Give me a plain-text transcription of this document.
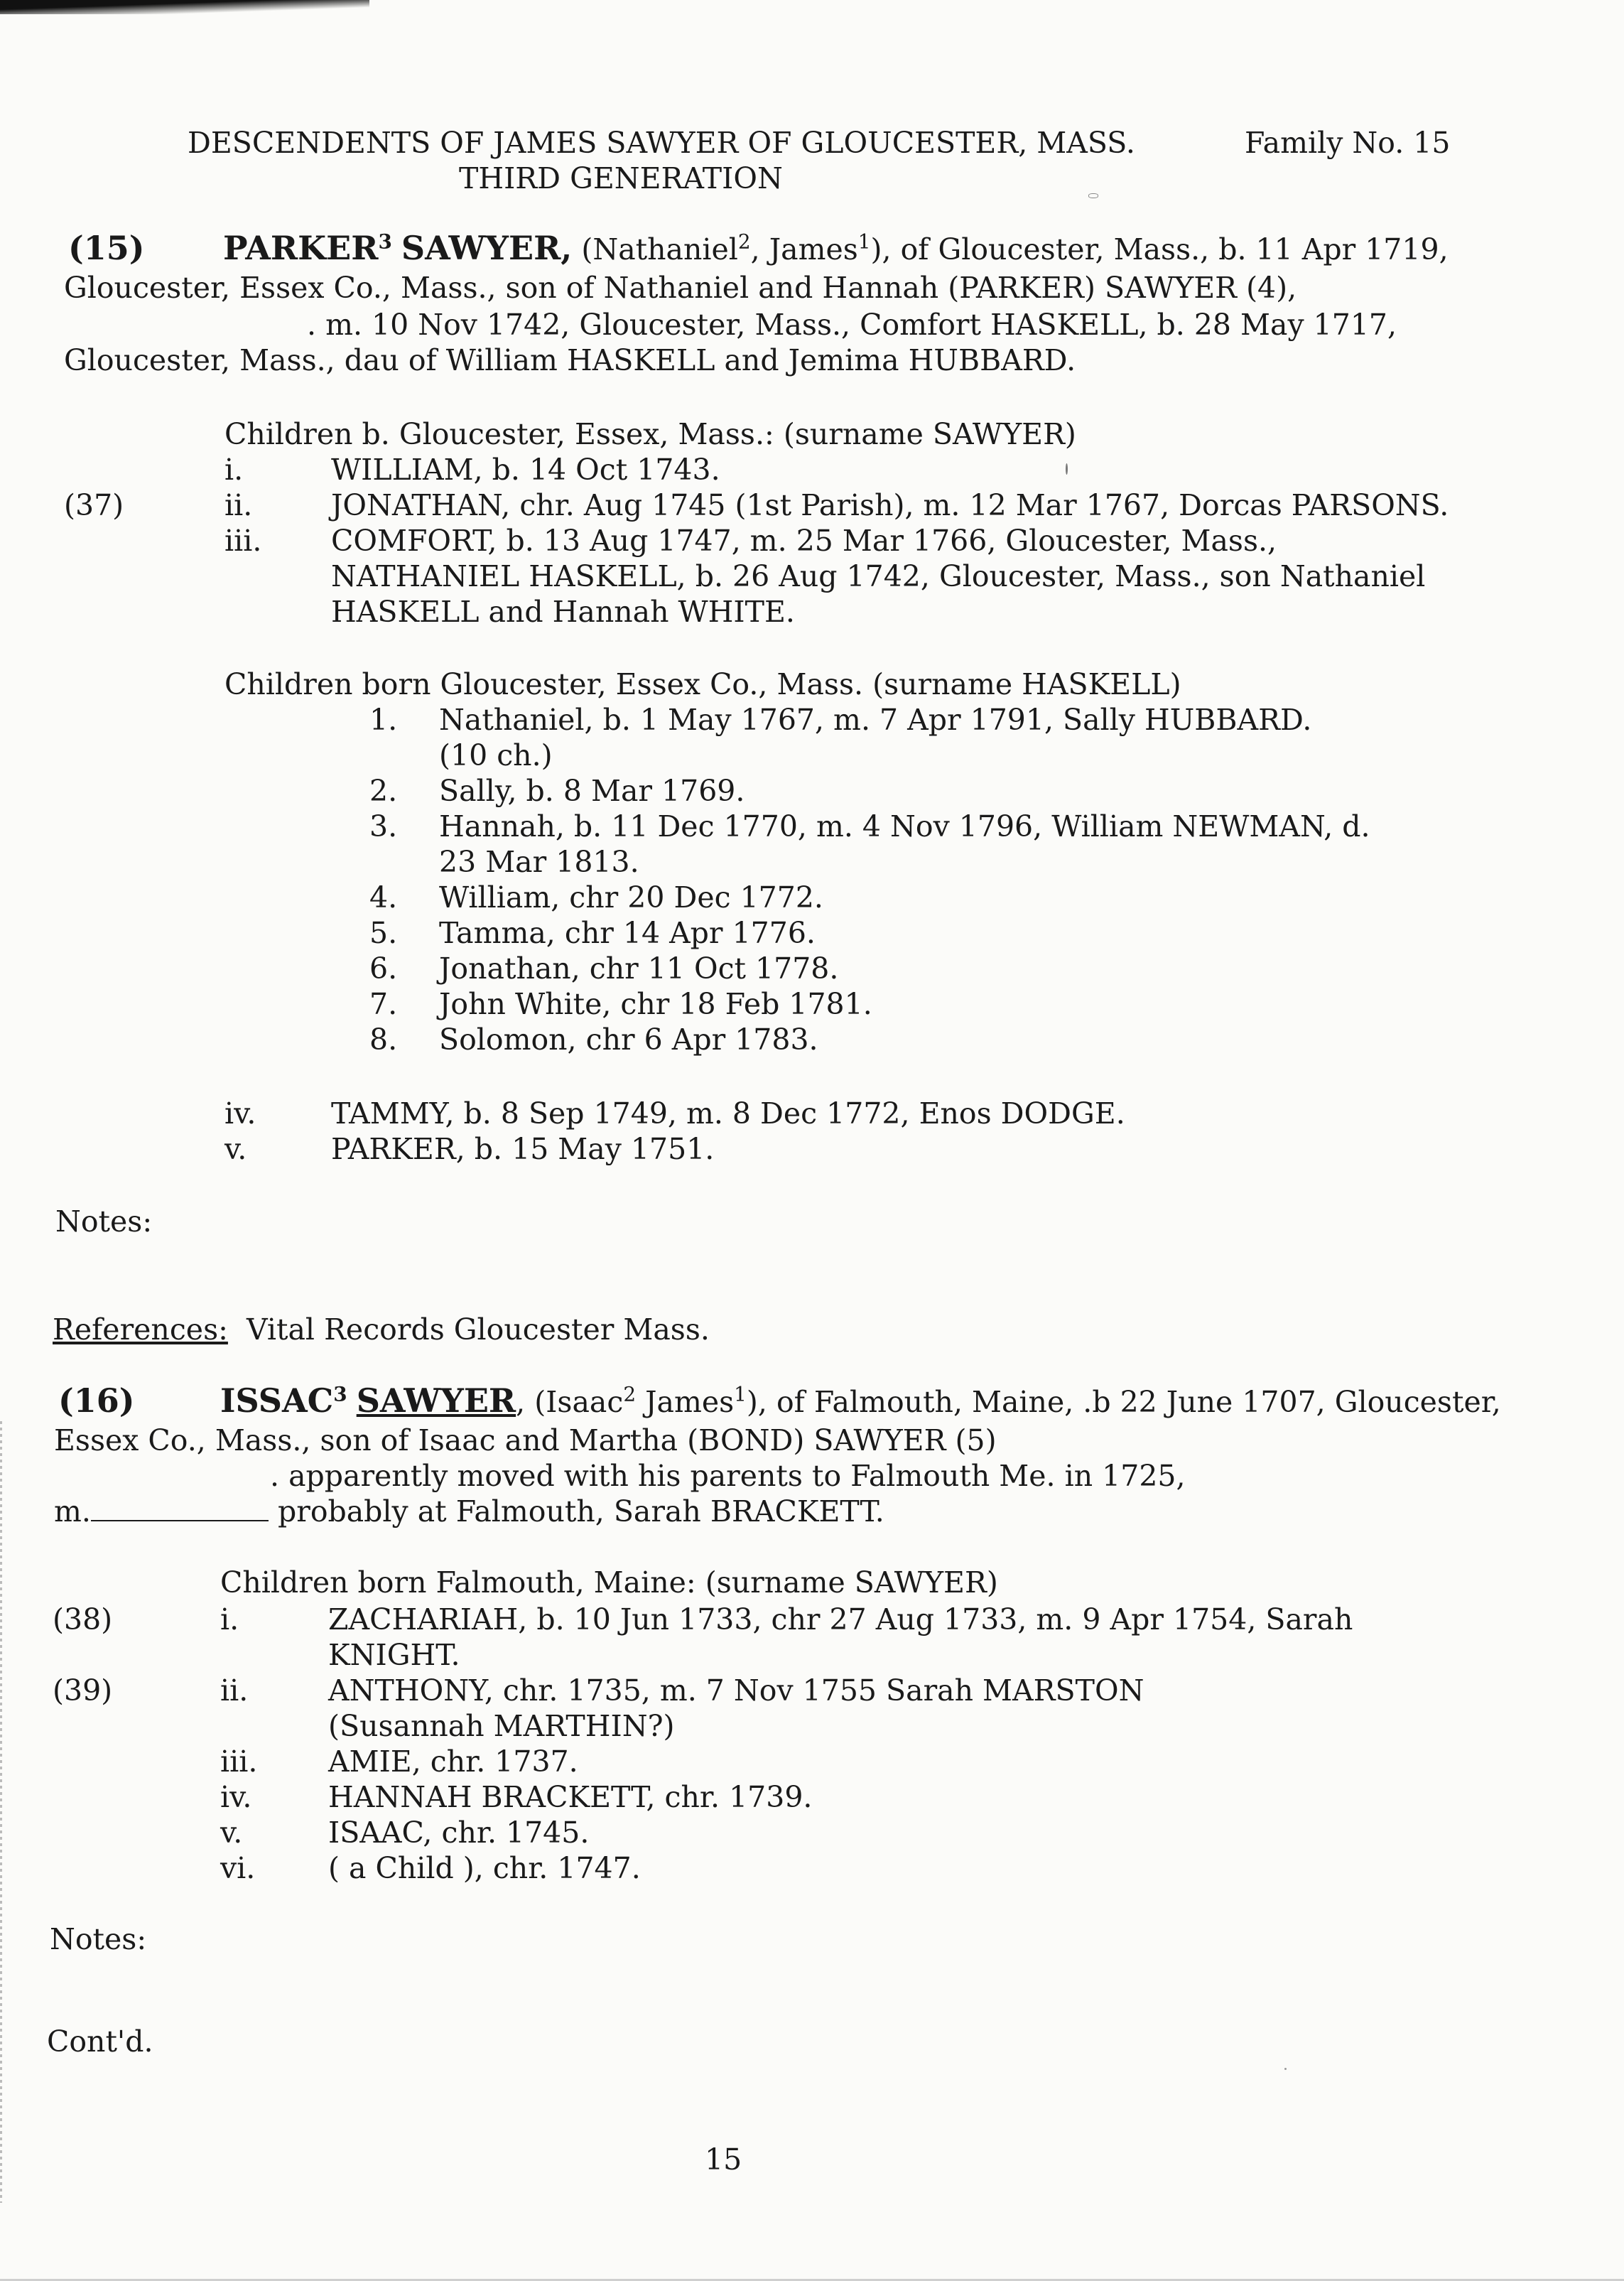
DESCENDENTS OF JAMES SAWYER OF GLOUCESTER, MASS.	Family No. 15
THIRD GENERATION
(15) PARKER$^3$ SAWYER, (Nathaniel$^2$, James$^1$), of Gloucester, Mass., b. 11 Apr 1719,
Gloucester, Essex Co., Mass., son of Nathaniel and Hannah (PARKER) SAWYER (4),
. m. 10 Nov 1742, Gloucester, Mass., Comfort HASKELL, b. 28 May 1717,
Gloucester, Mass., dau of William HASKELL and Jemima HUBBARD.
Children b. Gloucester, Essex, Mass.: (surname SAWYER)
i.	WILLIAM, b. 14 Oct 1743.
(37)	ii.	JONATHAN, chr. Aug 1745 (1st Parish), m. 12 Mar 1767, Dorcas PARSONS.
iii. COMFORT, b. 13 Aug 1747, m. 25 Mar 1766, Gloucester, Mass.,
NATHANIEL HASKELL, b. 26 Aug 1742, Gloucester, Mass., son Nathaniel
HASKELL and Hannah WHITE.
Children born Gloucester, Essex Co., Mass. (surname HASKELL)
1. Nathaniel, b. 1 May 1767, m. 7 Apr 1791, Sally HUBBARD.
(10 ch.)
2. Sally, b. 8 Mar 1769.
3. Hannah, b. 11 Dec 1770, m. 4 Nov 1796, William NEWMAN, d.
23 Mar 1813.
4. William, chr 20 Dec 1772.
5. Tamma, chr 14 Apr 1776.
6. Jonathan, chr 11 Oct 1778.
7. John White, chr 18 Feb 1781.
8. Solomon, chr 6 Apr 1783.
iv.	TAMMY, b. 8 Sep 1749, m. 8 Dec 1772, Enos DODGE.
v.	PARKER, b. 15 May 1751.
Notes:
References: Vital Records Gloucester Mass.
(16)	ISSAC$^3$ SAWYER, (Isaac$^2$ James$^1$), of Falmouth, Maine, .b 22 June 1707, Gloucester,
Essex Co., Mass., son of Isaac and Martha (BOND) SAWYER (5)
. apparently moved with his parents to Falmouth Me. in 1725,
m.	probably at Falmouth, Sarah BRACKETT.
Children born Falmouth, Maine: (surname SAWYER)
(38)	i.	ZACHARIAH, b. 10 Jun 1733, chr 27 Aug 1733, m. 9 Apr 1754, Sarah
KNIGHT.
(39)	ii.	ANTHONY, chr. 1735, m. 7 Nov 1755 Sarah MARSTON
(Susannah MARTHIN?)
iii. AMIE, chr. 1737.
iv.	HANNAH BRACKETT, chr. 1739.
v.	ISAAC, chr. 1745.
vi.	( a Child ), chr. 1747.
Notes:
Cont'd.
15
